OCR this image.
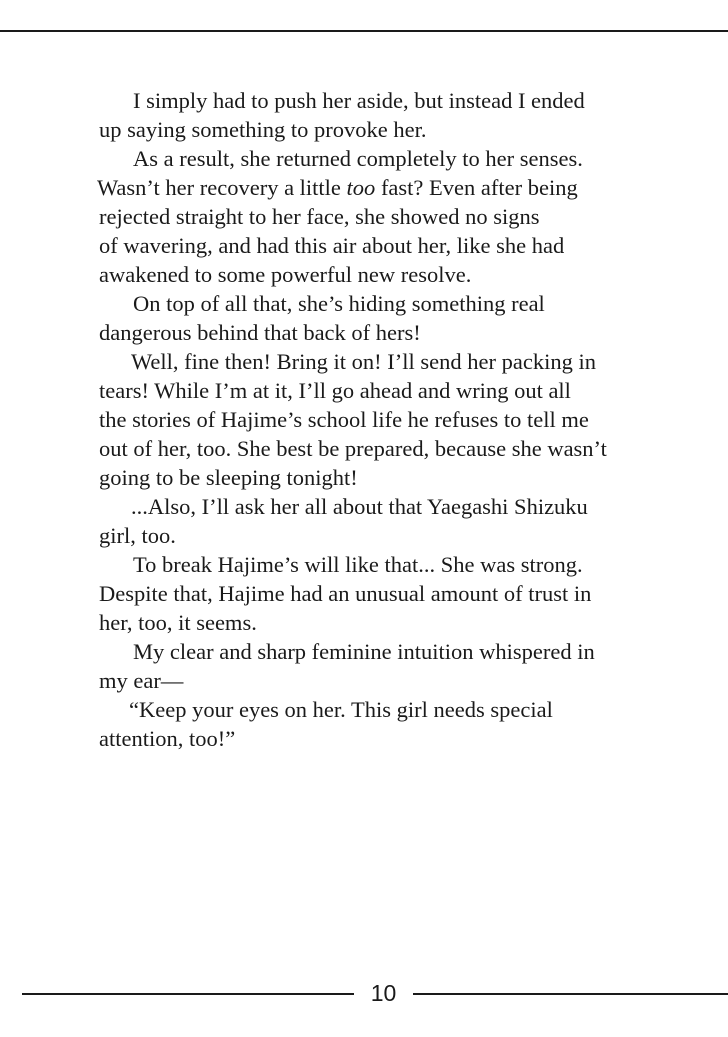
I simply had to push her aside, but instead I ended
up saying something to provoke her.
As a result, she returned completely to her senses.
Wasn’t her recovery a little too fast? Even after being
rejected straight to her face, she showed no signs
of wavering, and had this air about her, like she had
awakened to some powerful new resolve.
On top of all that, she’s hiding something real
dangerous behind that back of hers!
Well, fine then! Bring it on! I’ll send her packing in
tears! While I’m at it, I’ll go ahead and wring out all
the stories of Hajime’s school life he refuses to tell me
out of her, too. She best be prepared, because she wasn’t
going to be sleeping tonight!
...Also, I’ll ask her all about that Yaegashi Shizuku
girl, too.
To break Hajime’s will like that... She was strong.
Despite that, Hajime had an unusual amount of trust in
her, too, it seems.
My clear and sharp feminine intuition whispered in
my ear—
“Keep your eyes on her. This girl needs special
attention, too!”
10
